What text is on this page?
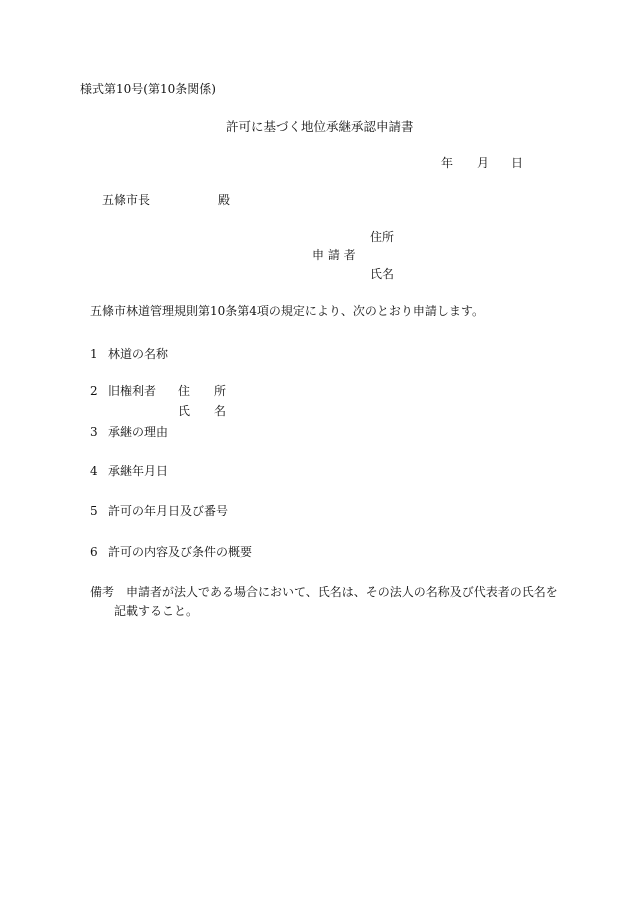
様式第10号(第10条関係)
許可に基づく地位承継承認申請書
年 月 日
五條市長	殿
住所
申 請 者
氏名
五條市林道管理規則第10条第4項の規定により、次のとおり申請します。
1 林道の名称
2 旧権利者 住　　所
氏　　名
3 承継の理由
4 承継年月日
5 許可の年月日及び番号
6 許可の内容及び条件の概要
備考 申請者が法人である場合において、氏名は、その法人の名称及び代表者の氏名を
記載すること。
